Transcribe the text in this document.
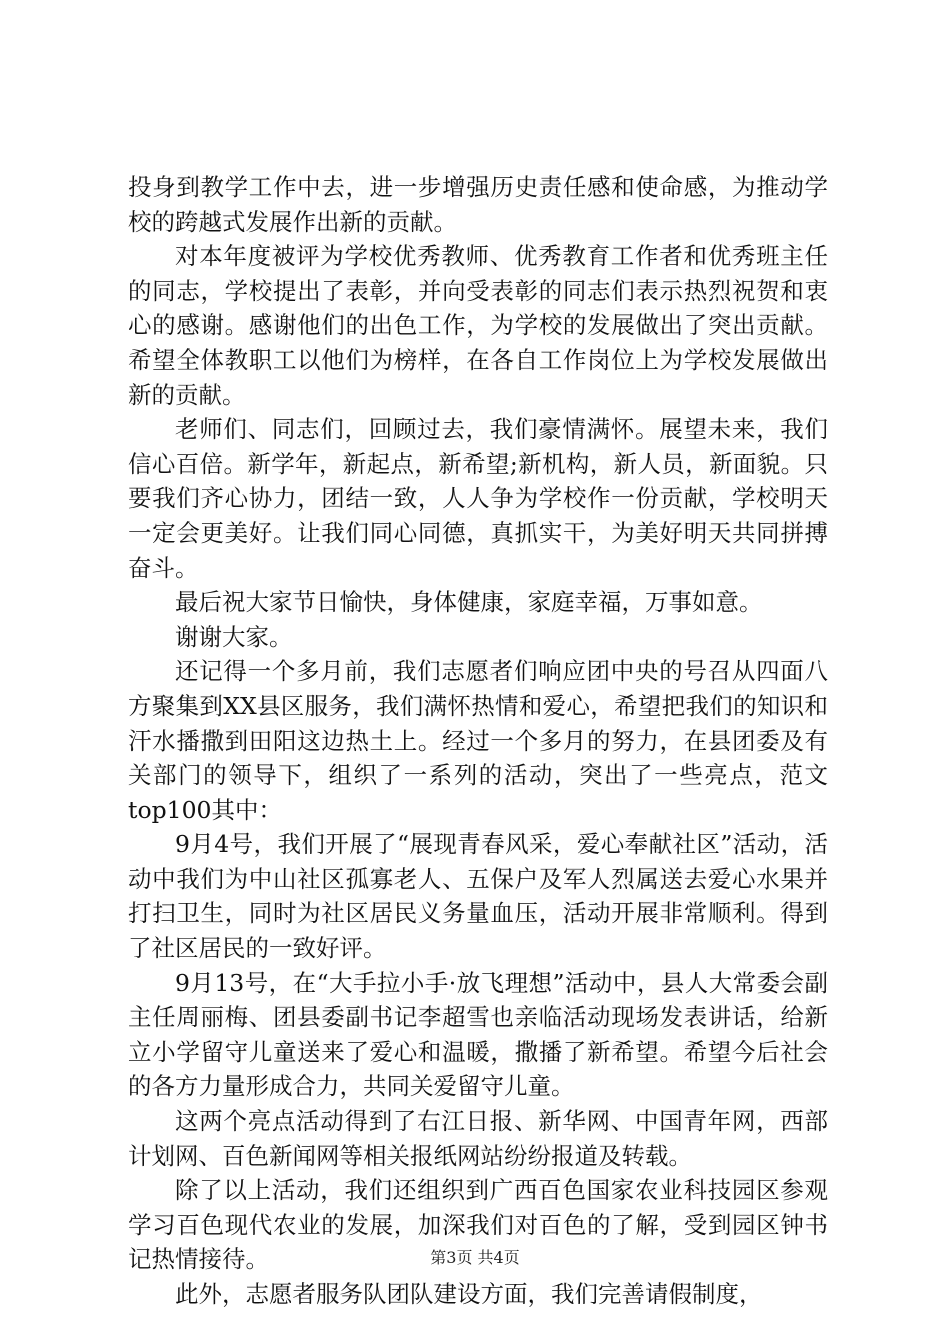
投身到教学工作中去，进一步增强历史责任感和使命感，为推动学校的跨越式发展作出新的贡献。

对本年度被评为学校优秀教师、优秀教育工作者和优秀班主任的同志，学校提出了表彰，并向受表彰的同志们表示热烈祝贺和衷心的感谢。感谢他们的出色工作，为学校的发展做出了突出贡献。希望全体教职工以他们为榜样，在各自工作岗位上为学校发展做出新的贡献。

老师们、同志们，回顾过去，我们豪情满怀。展望未来，我们信心百倍。新学年，新起点，新希望;新机构，新人员，新面貌。只要我们齐心协力，团结一致，人人争为学校作一份贡献，学校明天一定会更美好。让我们同心同德，真抓实干，为美好明天共同拼搏奋斗。

最后祝大家节日愉快，身体健康，家庭幸福，万事如意。

谢谢大家。

还记得一个多月前，我们志愿者们响应团中央的号召从四面八方聚集到XX县区服务，我们满怀热情和爱心，希望把我们的知识和汗水播撒到田阳这边热土上。经过一个多月的努力，在县团委及有关部门的领导下，组织了一系列的活动，突出了一些亮点，范文top100其中：

9月4号，我们开展了“展现青春风采，爱心奉献社区”活动，活动中我们为中山社区孤寡老人、五保户及军人烈属送去爱心水果并打扫卫生，同时为社区居民义务量血压，活动开展非常顺利。得到了社区居民的一致好评。

9月13号，在“大手拉小手·放飞理想”活动中，县人大常委会副主任周丽梅、团县委副书记李超雪也亲临活动现场发表讲话，给新立小学留守儿童送来了爱心和温暖，撒播了新希望。希望今后社会的各方力量形成合力，共同关爱留守儿童。

这两个亮点活动得到了右江日报、新华网、中国青年网，西部计划网、百色新闻网等相关报纸网站纷纷报道及转载。

除了以上活动，我们还组织到广西百色国家农业科技园区参观学习百色现代农业的发展，加深我们对百色的了解，受到园区钟书记热情接待。

此外，志愿者服务队团队建设方面，我们完善请假制度，

第3页 共4页
